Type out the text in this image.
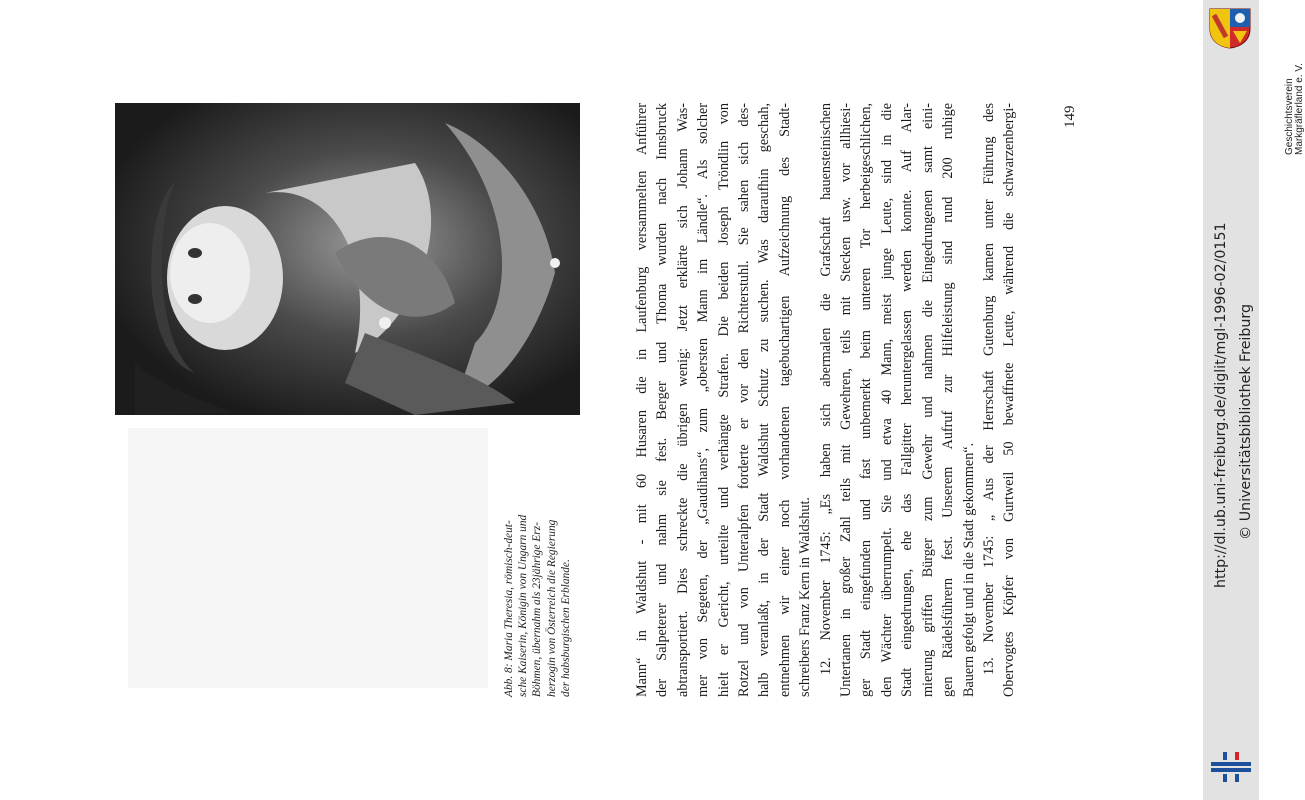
Geschichtsverein Markgräflerland e. V.
http://dl.ub.uni-freiburg.de/diglit/mgl-1996-02/0151 © Universitätsbibliothek Freiburg
Abb. 8: Maria Theresia, römisch-deut- sche Kaiserin, Königin von Ungarn und Böhmen, übernahm als 23jährige Erz- herzogin von Österreich die Regierung der habsburgischen Erblande.	Mann“ in Waldshut - mit 60 Husaren die in Laufenburg versammelten Anführer der Salpeterer und nahm sie fest. Berger und Thoma wurden nach Innsbruck abtransportiert. Dies schreckte die übrigen wenig: Jetzt erklärte sich Johann Was- mer von Segeten, der „Gaudihans“, zum „obersten Mann im Ländle“. Als solcher hielt er Gericht, urteilte und verhängte Strafen. Die beiden Joseph Tröndlin von Rotzel und von Unteralpfen forderte er vor den Richterstuhl. Sie sahen sich des- halb veranlaßt, in der Stadt Waldshut Schutz zu suchen. Was daraufhin geschah, entnehmen wir einer noch vorhandenen tagebuchartigen Aufzeichnung des Stadt- schreibers Franz Kern in Waldshut. 12. November 1745: „Es haben sich abermalen die Grafschaft hauensteinischen Untertanen in großer Zahl teils mit Gewehren, teils mit Stecken usw. vor allhiesi- ger Stadt eingefunden und fast unbemerkt beim unteren Tor herbeigeschlichen, den Wächter überrumpelt. Sie und etwa 40 Mann, meist junge Leute, sind in die Stadt eingedrungen, ehe das Fallgitter heruntergelassen werden konnte. Auf Alar- mierung griffen Bürger zum Gewehr und nahmen die Eingedrungenen samt eini- gen Rädelsführern fest. Unserem Aufruf zur Hilfeleistung sind rund 200 ruhige Bauern gefolgt und in die Stadt gekommen“. 13. November 1745: „ Aus der Herrschaft Gutenburg kamen unter Führung des Obervogtes Köpfer von Gurtweil 50 bewaffnete Leute, während die schwarzenbergi-	149
